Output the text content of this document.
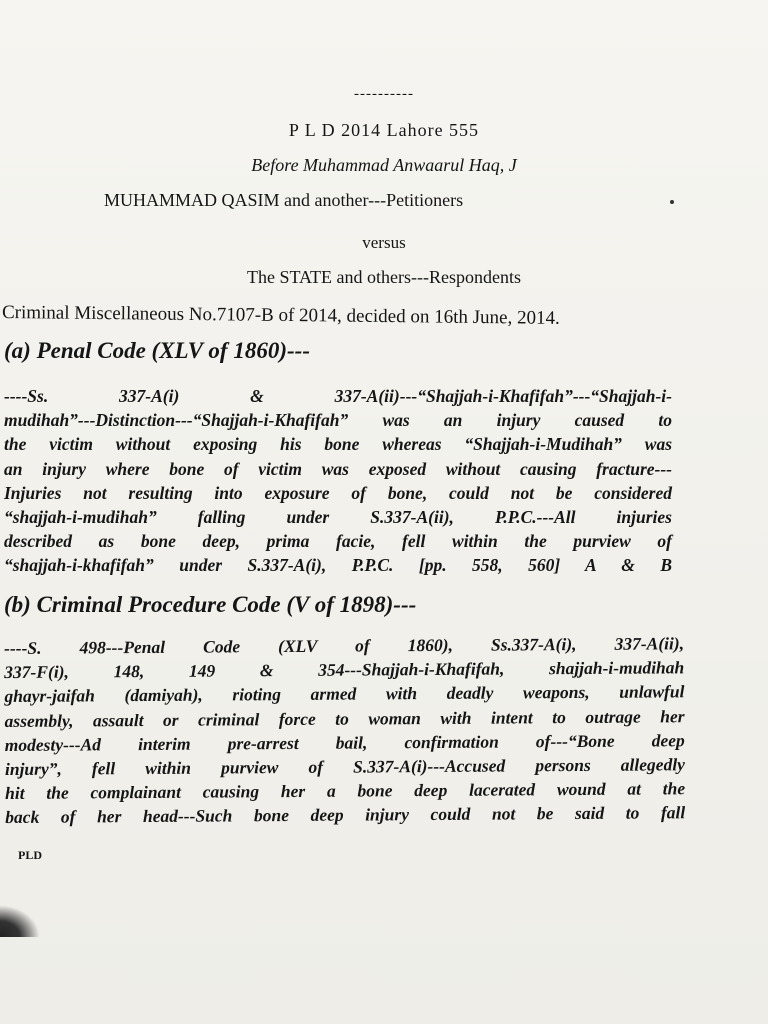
----------
P L D 2014 Lahore 555
Before Muhammad Anwaarul Haq, J
MUHAMMAD QASIM and another---Petitioners
versus
The STATE and others---Respondents
Criminal Miscellaneous No.7107-B of 2014, decided on 16th June, 2014.
(a) Penal Code (XLV of 1860)---
----Ss. 337-A(i) & 337-A(ii)---“Shajjah-i-Khafifah”---“Shajjah-i-
mudihah”---Distinction---“Shajjah-i-Khafifah” was an injury caused to
the victim without exposing his bone whereas “Shajjah-i-Mudihah” was
an injury where bone of victim was exposed without causing fracture---
Injuries not resulting into exposure of bone, could not be considered
“shajjah-i-mudihah” falling under S.337-A(ii), P.P.C.---All injuries
described as bone deep, prima facie, fell within the purview of
“shajjah-i-khafifah” under S.337-A(i), P.P.C. [pp. 558, 560] A & B
(b) Criminal Procedure Code (V of 1898)---
----S. 498---Penal Code (XLV of 1860), Ss.337-A(i), 337-A(ii),
337-F(i), 148, 149 & 354---Shajjah-i-Khafifah, shajjah-i-mudihah
ghayr-jaifah (damiyah), rioting armed with deadly weapons, unlawful
assembly, assault or criminal force to woman with intent to outrage her
modesty---Ad interim pre-arrest bail, confirmation of---“Bone deep
injury”, fell within purview of S.337-A(i)---Accused persons allegedly
hit the complainant causing her a bone deep lacerated wound at the
back of her head---Such bone deep injury could not be said to fall
PLD
